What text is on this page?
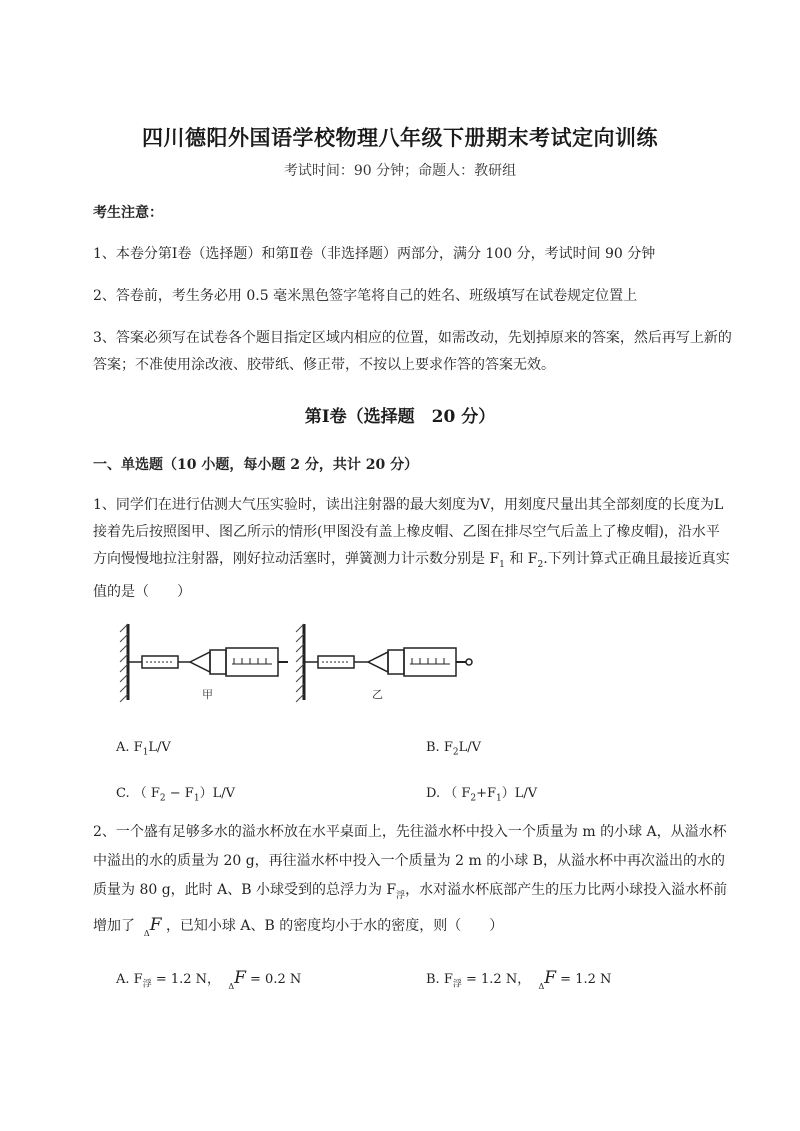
四川德阳外国语学校物理八年级下册期末考试定向训练
考试时间：90 分钟；命题人：教研组
考生注意：
1、本卷分第Ⅰ卷（选择题）和第Ⅱ卷（非选择题）两部分，满分 100 分，考试时间 90 分钟
2、答卷前，考生务必用 0.5 毫米黑色签字笔将自己的姓名、班级填写在试卷规定位置上
3、答案必须写在试卷各个题目指定区域内相应的位置，如需改动，先划掉原来的答案，然后再写上新的答案；不准使用涂改液、胶带纸、修正带，不按以上要求作答的答案无效。
第Ⅰ卷（选择题　20 分）
一、单选题（10 小题，每小题 2 分，共计 20 分）
1、同学们在进行估测大气压实验时，读出注射器的最大刻度为V，用刻度尺量出其全部刻度的长度为L接着先后按照图甲、图乙所示的情形(甲图没有盖上橡皮帽、乙图在排尽空气后盖上了橡皮帽)，沿水平方向慢慢地拉注射器，刚好拉动活塞时，弹簧测力计示数分别是 $F_1$ 和 $F_2$.下列计算式正确且最接近真实值的是（　　）
甲	乙
A. $F_1L/V$	B. $F_2L/V$
C. （ $F_2 - F_1)L/V$	D. （ $F_2+F_1)L/V$
2、一个盛有足够多水的溢水杯放在水平桌面上，先往溢水杯中投入一个质量为 m 的小球 A，从溢水杯中溢出的水的质量为 20 g，再往溢水杯中投入一个质量为 2 m 的小球 B，从溢水杯中再次溢出的水的质量为 80 g，此时 A、B 小球受到的总浮力为 $F_浮$，水对溢水杯底部产生的压力比两小球投入溢水杯前增加了 $_\Delta$F ，已知小球 A、B 的密度均小于水的密度，则（　　）
A. $F_浮 = 1.2$ N， $_\Delta$F = 0.2 N	B. $F_浮 = 1.2$ N， $_\Delta$F = 1.2 N
